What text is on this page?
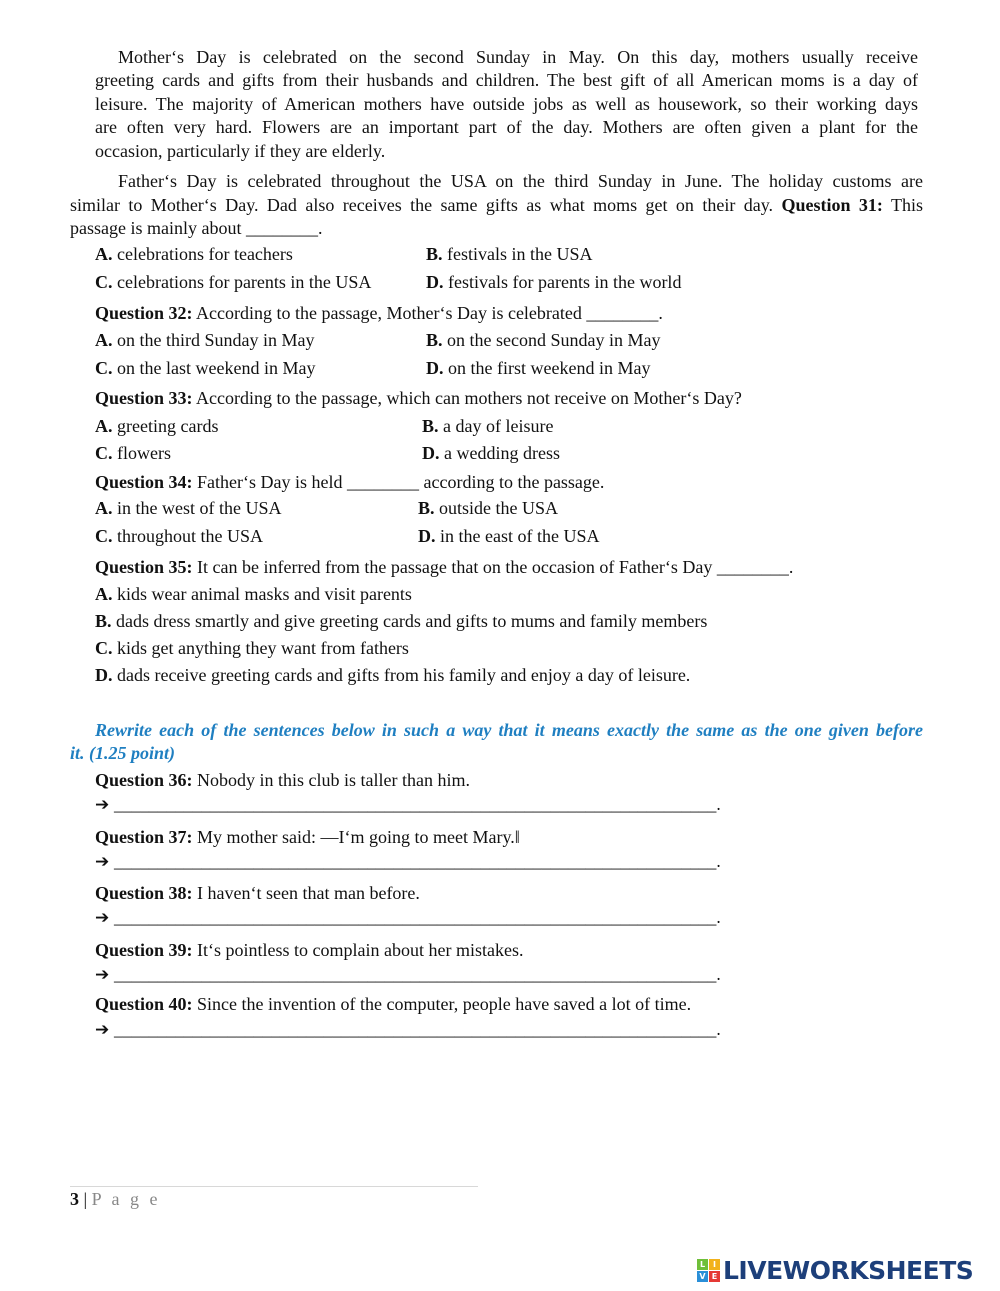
Mother‘s Day is celebrated on the second Sunday in May. On this day, mothers usually receive
greeting cards and gifts from their husbands and children. The best gift of all American moms is a day of
leisure. The majority of American mothers have outside jobs as well as housework, so their working days
are often very hard. Flowers are an important part of the day. Mothers are often given a plant for the
occasion, particularly if they are elderly.
Father‘s Day is celebrated throughout the USA on the third Sunday in June. The holiday customs are
similar to Mother‘s Day. Dad also receives the same gifts as what moms get on their day. Question 31: This
passage is mainly about ________.
A. celebrations for teachers	B. festivals in the USA
C. celebrations for parents in the USA	D. festivals for parents in the world
Question 32: According to the passage, Mother‘s Day is celebrated ________.
A. on the third Sunday in May	B. on the second Sunday in May
C. on the last weekend in May	D. on the first weekend in May
Question 33: According to the passage, which can mothers not receive on Mother‘s Day?
A. greeting cards	B. a day of leisure
C. flowers	D. a wedding dress
Question 34: Father‘s Day is held ________ according to the passage.
A. in the west of the USA	B. outside the USA
C. throughout the USA	D. in the east of the USA
Question 35: It can be inferred from the passage that on the occasion of Father‘s Day ________.
A. kids wear animal masks and visit parents
B. dads dress smartly and give greeting cards and gifts to mums and family members
C. kids get anything they want from fathers
D. dads receive greeting cards and gifts from his family and enjoy a day of leisure.
Rewrite each of the sentences below in such a way that it means exactly the same as the one given before
it. (1.25 point)
Question 36: Nobody in this club is taller than him.
➔ _____________________________________________________________________.
Question 37: My mother said: ―I‘m going to meet Mary.‖
➔ _____________________________________________________________________.
Question 38: I haven‘t seen that man before.
➔ _____________________________________________________________________.
Question 39: It‘s pointless to complain about her mistakes.
➔ _____________________________________________________________________.
Question 40: Since the invention of the computer, people have saved a lot of time.
➔ _____________________________________________________________________.
3 | P a g e
L I
V E LIVEWORKSHEETS
